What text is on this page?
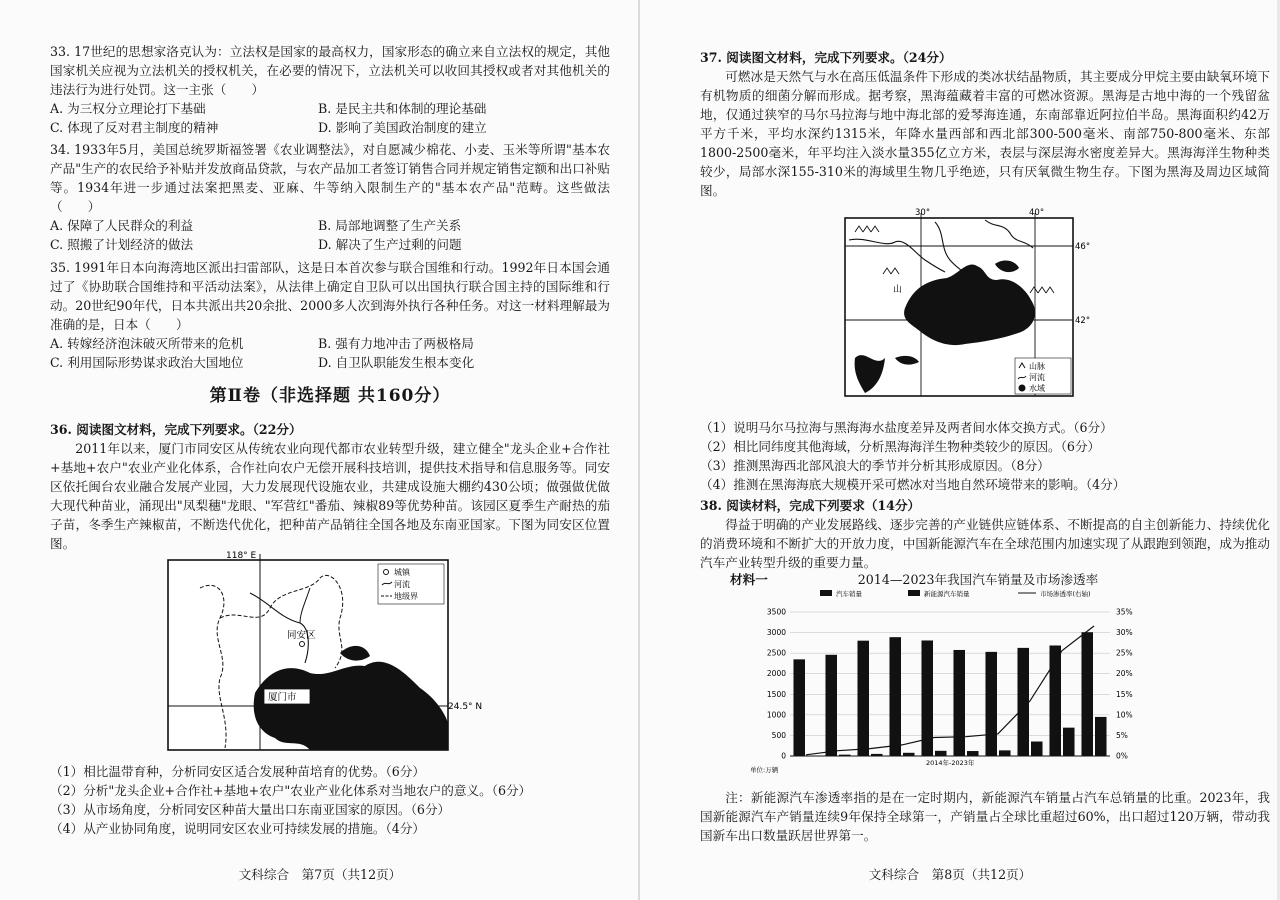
33. 17世纪的思想家洛克认为：立法权是国家的最高权力，国家形态的确立来自立法权的规定，其他国家机关应视为立法机关的授权机关，在必要的情况下，立法机关可以收回其授权或者对其他机关的违法行为进行处罚。这一主张（　　）
A. 为三权分立理论打下基础	B. 是民主共和体制的理论基础
C. 体现了反对君主制度的精神	D. 影响了美国政治制度的建立
34. 1933年5月，美国总统罗斯福签署《农业调整法》，对自愿减少棉花、小麦、玉米等所谓"基本农产品"生产的农民给予补贴并发放商品贷款，与农产品加工者签订销售合同并规定销售定额和出口补贴等。1934年进一步通过法案把黑麦、亚麻、牛等纳入限制生产的"基本农产品"范畴。这些做法（　　）
A. 保障了人民群众的利益	B. 局部地调整了生产关系
C. 照搬了计划经济的做法	D. 解决了生产过剩的问题
35. 1991年日本向海湾地区派出扫雷部队，这是日本首次参与联合国维和行动。1992年日本国会通过了《协助联合国维持和平活动法案》，从法律上确定自卫队可以出国执行联合国主持的国际维和行动。20世纪90年代，日本共派出共20余批、2000多人次到海外执行各种任务。对这一材料理解最为准确的是，日本（　　）
A. 转嫁经济泡沫破灭所带来的危机	B. 强有力地冲击了两极格局
C. 利用国际形势谋求政治大国地位	D. 自卫队职能发生根本变化
第Ⅱ卷（非选择题 共160分）
36. 阅读图文材料，完成下列要求。（22分）
2011年以来，厦门市同安区从传统农业向现代都市农业转型升级，建立健全"龙头企业+合作社+基地+农户"农业产业化体系，合作社向农户无偿开展科技培训，提供技术指导和信息服务等。同安区依托闽台农业融合发展产业园，大力发展现代设施农业，共建成设施大棚约430公顷；做强做优做大现代种苗业，涌现出"凤梨穗"龙眼、"军营红"番茄、辣椒89等优势种苗。该园区夏季生产耐热的茄子苗，冬季生产辣椒苗，不断迭代优化，把种苗产品销往全国各地及东南亚国家。下图为同安区位置图。
118° E
24.5° N
厦门市
同安区
城镇
河流
地级界
（1）相比温带育种，分析同安区适合发展种苗培育的优势。（6分）
（2）分析"龙头企业+合作社+基地+农户"农业产业化体系对当地农户的意义。（6分）
（3）从市场角度，分析同安区种苗大量出口东南亚国家的原因。（6分）
（4）从产业协同角度，说明同安区农业可持续发展的措施。（4分）
文科综合　第7页（共12页）
37. 阅读图文材料，完成下列要求。（24分）
可燃冰是天然气与水在高压低温条件下形成的类冰状结晶物质，其主要成分甲烷主要由缺氧环境下有机物质的细菌分解而形成。据考察，黑海蕴藏着丰富的可燃冰资源。黑海是古地中海的一个残留盆地，仅通过狭窄的马尔马拉海与地中海北部的爱琴海连通，东南部靠近阿拉伯半岛。黑海面积约42万平方千米，平均水深约1315米，年降水量西部和西北部300-500毫米、南部750-800毫米、东部1800-2500毫米，年平均注入淡水量355亿立方米，表层与深层海水密度差异大。黑海海洋生物种类较少，局部水深155-310米的海域里生物几乎绝迹，只有厌氧微生物生存。下图为黑海及周边区域简图。
30°	40°
46°
42°
山
山脉
河流
水域
（1）说明马尔马拉海与黑海海水盐度差异及两者间水体交换方式。（6分）
（2）相比同纬度其他海域，分析黑海海洋生物种类较少的原因。（6分）
（3）推测黑海西北部风浪大的季节并分析其形成原因。（8分）
（4）推测在黑海海底大规模开采可燃冰对当地自然环境带来的影响。（4分）
38. 阅读材料，完成下列要求（14分）
得益于明确的产业发展路线、逐步完善的产业链供应链体系、不断提高的自主创新能力、持续优化的消费环境和不断扩大的开放力度，中国新能源汽车在全球范围内加速实现了从跟跑到领跑，成为推动汽车产业转型升级的重要力量。
材料一	2014—2023年我国汽车销量及市场渗透率
汽车销量	新能源汽车销量	市场渗透率(右轴)
0
500
1000
1500
2000
2500
3000
3500
0%
5%
10%
15%
20%
25%
30%
35%
单位:万辆
2014年-2023年
注：新能源汽车渗透率指的是在一定时期内，新能源汽车销量占汽车总销量的比重。2023年，我国新能源汽车产销量连续9年保持全球第一，产销量占全球比重超过60%，出口超过120万辆，带动我国新车出口数量跃居世界第一。
文科综合　第8页（共12页）
